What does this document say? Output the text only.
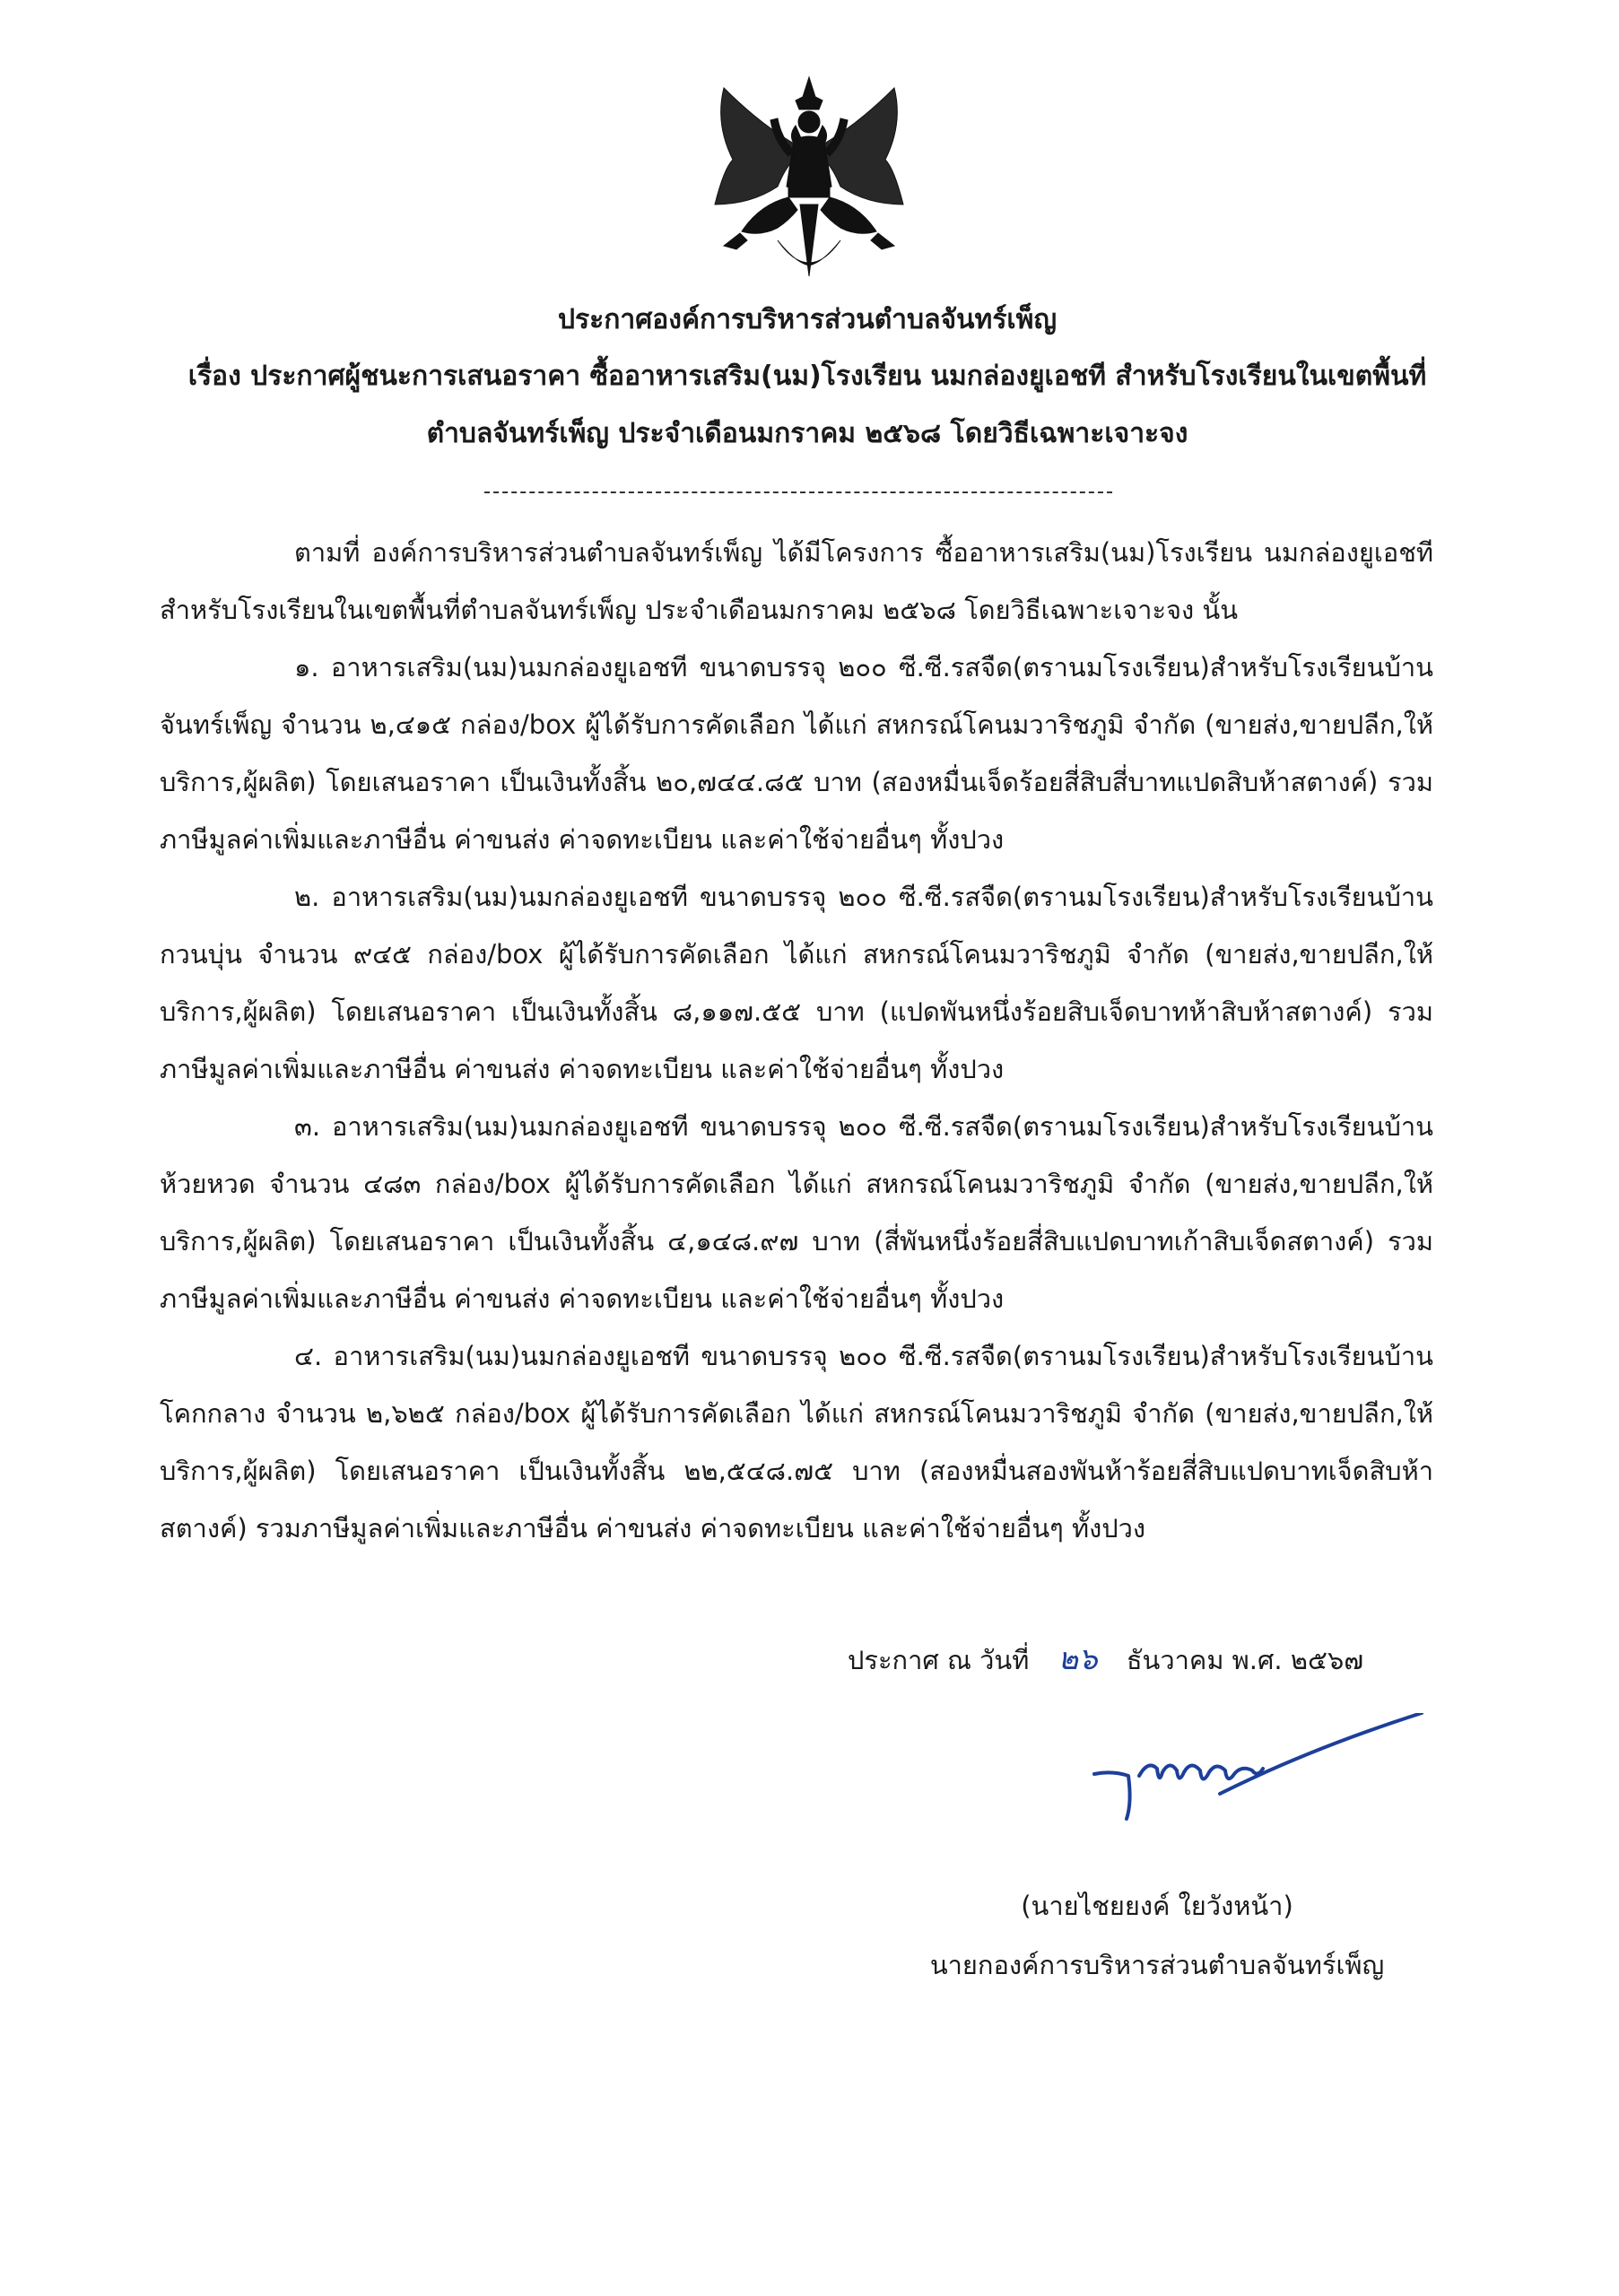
ประกาศองค์การบริหารส่วนตำบลจันทร์เพ็ญ
เรื่อง ประกาศผู้ชนะการเสนอราคา ซื้ออาหารเสริม(นม)โรงเรียน นมกล่องยูเอชที สำหรับโรงเรียนในเขตพื้นที่
ตำบลจันทร์เพ็ญ ประจำเดือนมกราคม ๒๕๖๘ โดยวิธีเฉพาะเจาะจง

ตามที่ องค์การบริหารส่วนตำบลจันทร์เพ็ญ ได้มีโครงการ ซื้ออาหารเสริม(นม)โรงเรียน นมกล่องยูเอชที สำหรับโรงเรียนในเขตพื้นที่ตำบลจันทร์เพ็ญ ประจำเดือนมกราคม ๒๕๖๘ โดยวิธีเฉพาะเจาะจง นั้น

๑. อาหารเสริม(นม)นมกล่องยูเอชที ขนาดบรรจุ ๒๐๐ ซี.ซี.รสจืด(ตรานมโรงเรียน)สำหรับโรงเรียนบ้านจันทร์เพ็ญ จำนวน ๒,๔๑๕ กล่อง/box ผู้ได้รับการคัดเลือก ได้แก่ สหกรณ์โคนมวาริชภูมิ จำกัด (ขายส่ง,ขายปลีก,ให้บริการ,ผู้ผลิต) โดยเสนอราคา เป็นเงินทั้งสิ้น ๒๐,๗๔๔.๘๕ บาท (สองหมื่นเจ็ดร้อยสี่สิบสี่บาทแปดสิบห้าสตางค์) รวมภาษีมูลค่าเพิ่มและภาษีอื่น ค่าขนส่ง ค่าจดทะเบียน และค่าใช้จ่ายอื่นๆ ทั้งปวง

๒. อาหารเสริม(นม)นมกล่องยูเอชที ขนาดบรรจุ ๒๐๐ ซี.ซี.รสจืด(ตรานมโรงเรียน)สำหรับโรงเรียนบ้านกวนบุ่น จำนวน ๙๔๕ กล่อง/box ผู้ได้รับการคัดเลือก ได้แก่ สหกรณ์โคนมวาริชภูมิ จำกัด (ขายส่ง,ขายปลีก,ให้บริการ,ผู้ผลิต) โดยเสนอราคา เป็นเงินทั้งสิ้น ๘,๑๑๗.๕๕ บาท (แปดพันหนึ่งร้อยสิบเจ็ดบาทห้าสิบห้าสตางค์) รวมภาษีมูลค่าเพิ่มและภาษีอื่น ค่าขนส่ง ค่าจดทะเบียน และค่าใช้จ่ายอื่นๆ ทั้งปวง

๓. อาหารเสริม(นม)นมกล่องยูเอชที ขนาดบรรจุ ๒๐๐ ซี.ซี.รสจืด(ตรานมโรงเรียน)สำหรับโรงเรียนบ้านห้วยหวด จำนวน ๔๘๓ กล่อง/box ผู้ได้รับการคัดเลือก ได้แก่ สหกรณ์โคนมวาริชภูมิ จำกัด (ขายส่ง,ขายปลีก,ให้บริการ,ผู้ผลิต) โดยเสนอราคา เป็นเงินทั้งสิ้น ๔,๑๔๘.๙๗ บาท (สี่พันหนึ่งร้อยสี่สิบแปดบาทเก้าสิบเจ็ดสตางค์) รวมภาษีมูลค่าเพิ่มและภาษีอื่น ค่าขนส่ง ค่าจดทะเบียน และค่าใช้จ่ายอื่นๆ ทั้งปวง

๔. อาหารเสริม(นม)นมกล่องยูเอชที ขนาดบรรจุ ๒๐๐ ซี.ซี.รสจืด(ตรานมโรงเรียน)สำหรับโรงเรียนบ้านโคกกลาง จำนวน ๒,๖๒๕ กล่อง/box ผู้ได้รับการคัดเลือก ได้แก่ สหกรณ์โคนมวาริชภูมิ จำกัด (ขายส่ง,ขายปลีก,ให้บริการ,ผู้ผลิต) โดยเสนอราคา เป็นเงินทั้งสิ้น ๒๒,๕๔๘.๗๕ บาท (สองหมื่นสองพันห้าร้อยสี่สิบแปดบาทเจ็ดสิบห้าสตางค์) รวมภาษีมูลค่าเพิ่มและภาษีอื่น ค่าขนส่ง ค่าจดทะเบียน และค่าใช้จ่ายอื่นๆ ทั้งปวง

ประกาศ ณ วันที่ ๒๖ ธันวาคม พ.ศ. ๒๕๖๗
(นายไชยยงค์ ใยวังหน้า)
นายกองค์การบริหารส่วนตำบลจันทร์เพ็ญ
